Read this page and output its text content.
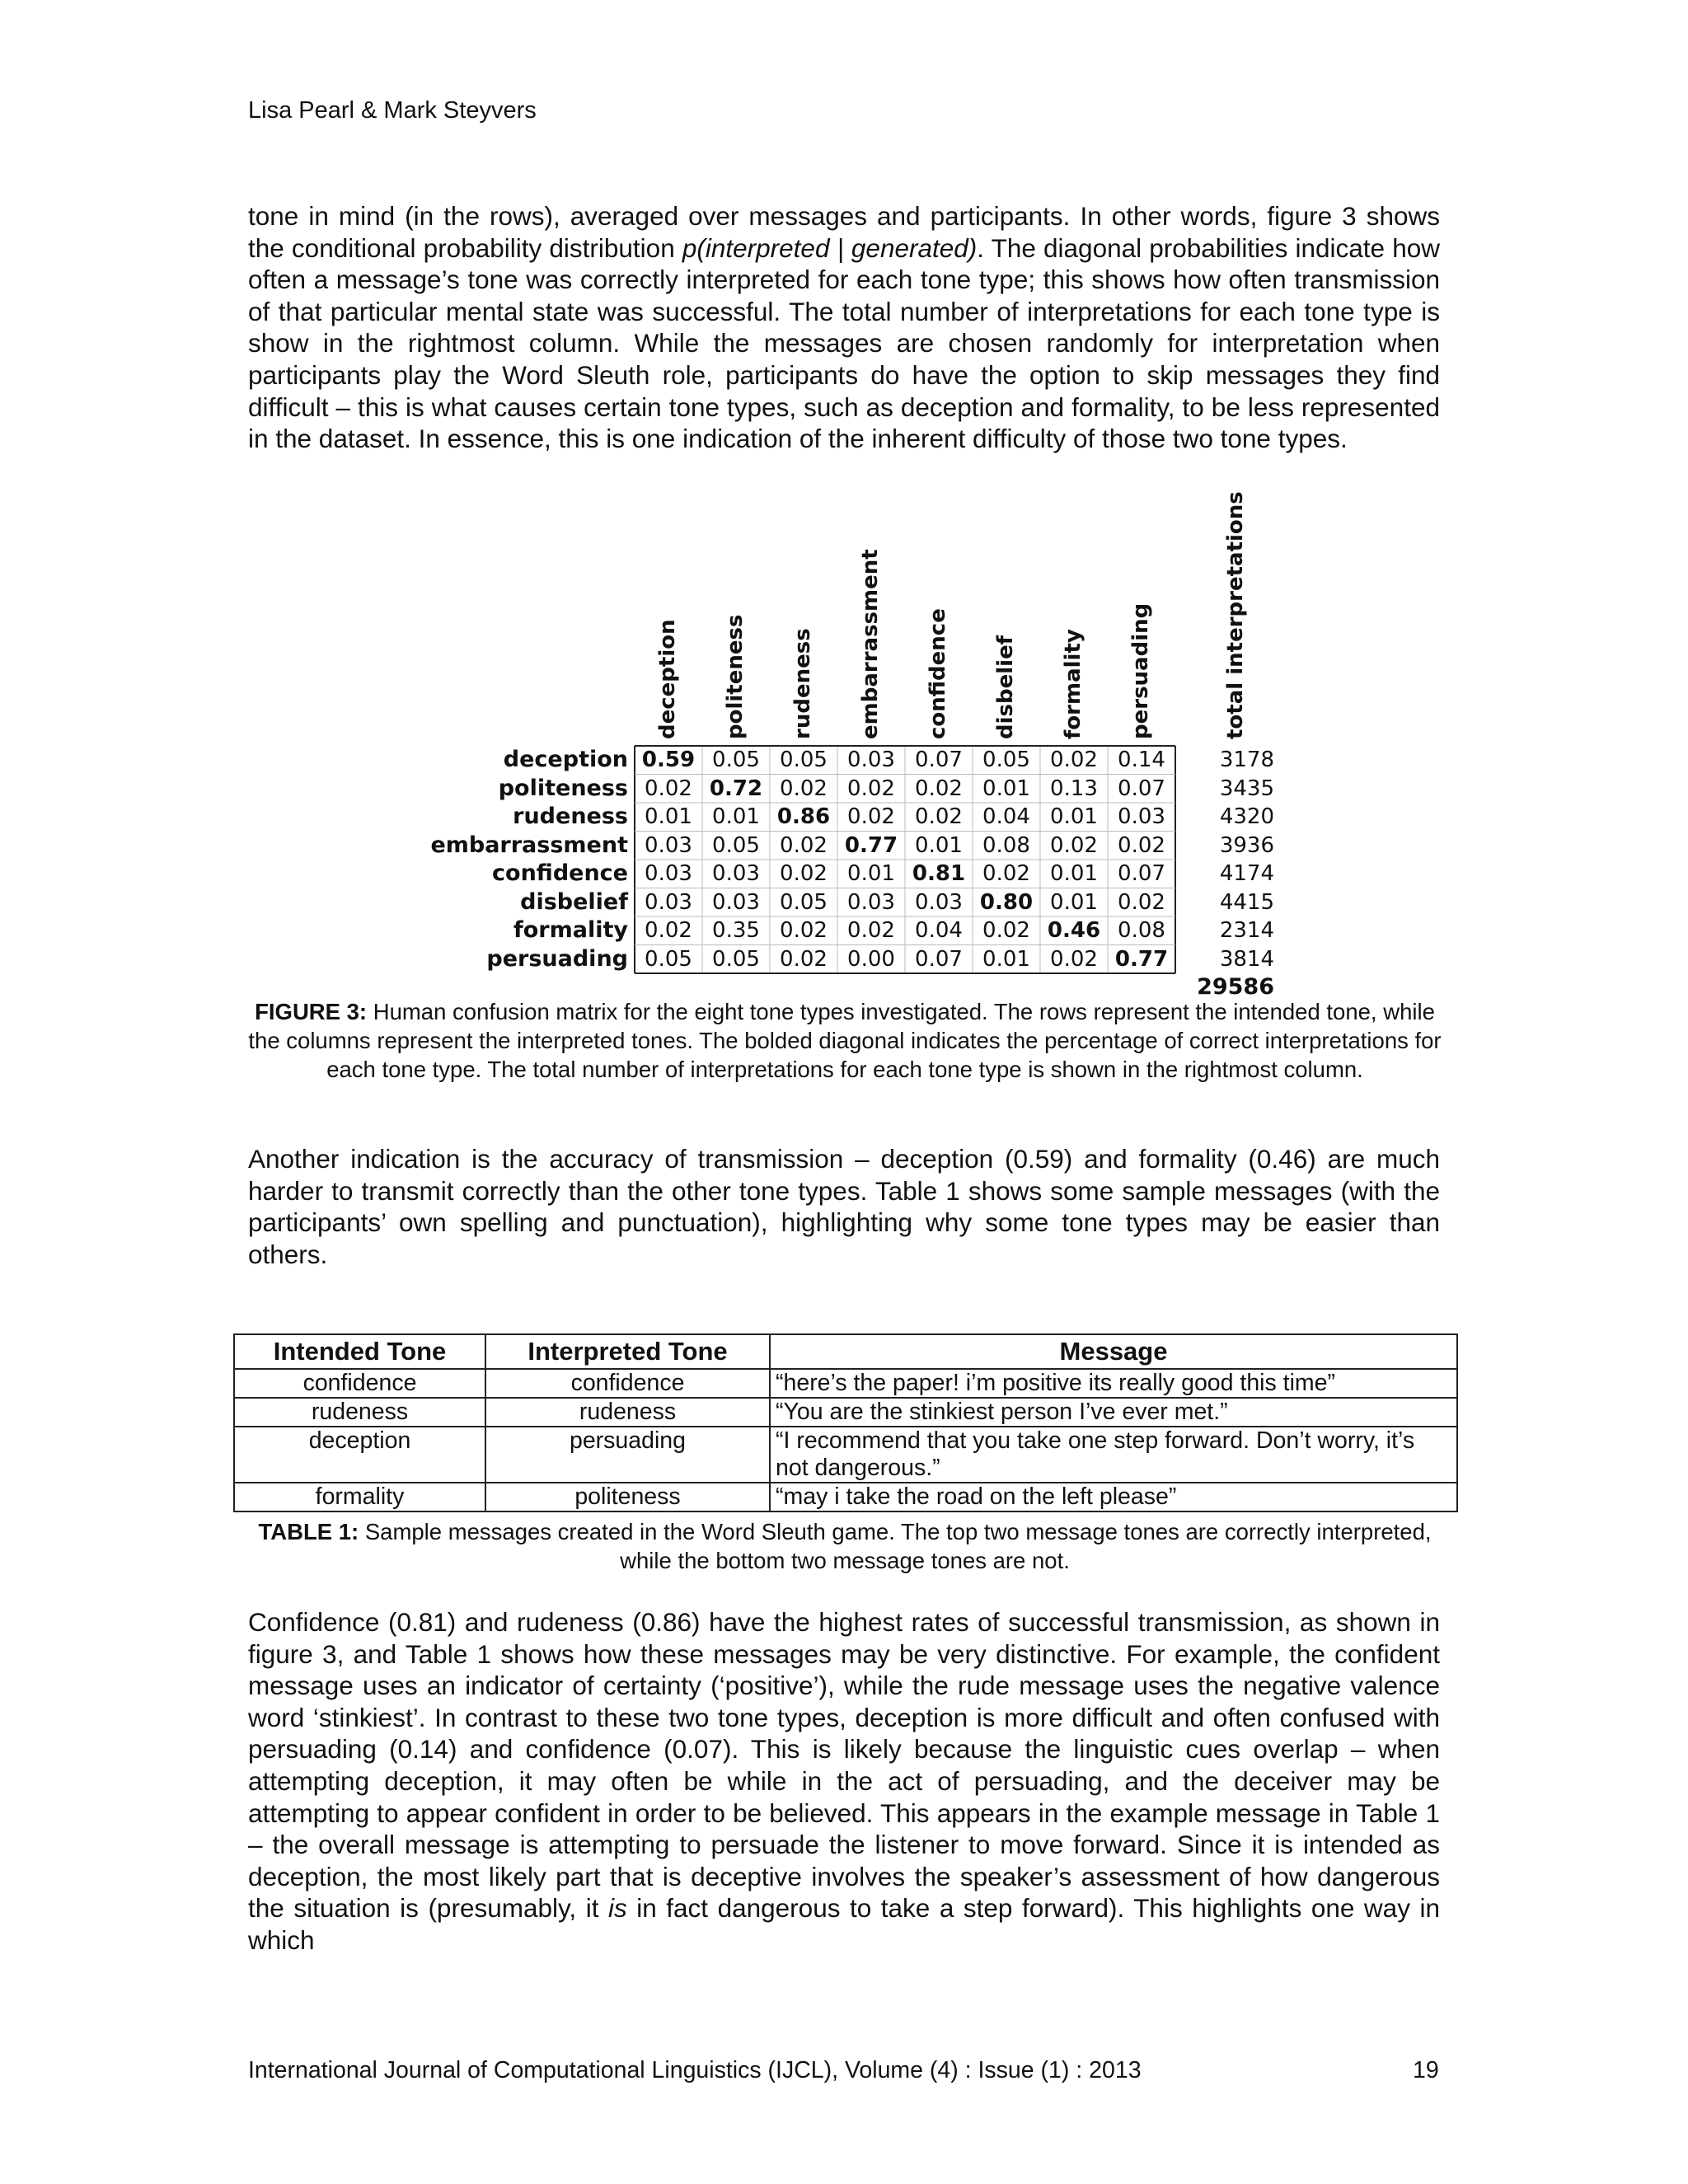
Lisa Pearl & Mark Steyvers
tone in mind (in the rows), averaged over messages and participants. In other words, figure 3 shows the conditional probability distribution p(interpreted | generated). The diagonal probabilities indicate how often a message’s tone was correctly interpreted for each tone type; this shows how often transmission of that particular mental state was successful. The total number of interpretations for each tone type is show in the rightmost column. While the messages are chosen randomly for interpretation when participants play the Word Sleuth role, participants do have the option to skip messages they find difficult – this is what causes certain tone types, such as deception and formality, to be less represented in the dataset. In essence, this is one indication of the inherent difficulty of those two tone types.
deception politeness rudeness embarrassment confidence disbelief formality persuading	total interpretations
deception 0.59 0.05 0.05 0.03 0.07 0.05 0.02 0.14	3178
politeness 0.02 0.72 0.02 0.02 0.02 0.01 0.13 0.07	3435
rudeness 0.01 0.01 0.86 0.02 0.02 0.04 0.01 0.03	4320
embarrassment 0.03 0.05 0.02 0.77 0.01 0.08 0.02 0.02	3936
confidence 0.03 0.03 0.02 0.01 0.81 0.02 0.01 0.07	4174
disbelief 0.03 0.03 0.05 0.03 0.03 0.80 0.01 0.02	4415
formality 0.02 0.35 0.02 0.02 0.04 0.02 0.46 0.08	2314
persuading 0.05 0.05 0.02 0.00 0.07 0.01 0.02 0.77	3814
29586
FIGURE 3: Human confusion matrix for the eight tone types investigated. The rows represent the intended tone, while the columns represent the interpreted tones. The bolded diagonal indicates the percentage of correct interpretations for each tone type. The total number of interpretations for each tone type is shown in the rightmost column.
Another indication is the accuracy of transmission – deception (0.59) and formality (0.46) are much harder to transmit correctly than the other tone types. Table 1 shows some sample messages (with the participants’ own spelling and punctuation), highlighting why some tone types may be easier than others.
Intended Tone	Interpreted Tone	Message
confidence	confidence	“here’s the paper! i’m positive its really good this time”
rudeness	rudeness	“You are the stinkiest person I’ve ever met.”
deception	persuading	“I recommend that you take one step forward. Don’t worry, it’s not dangerous.”
formality	politeness	“may i take the road on the left please”
TABLE 1: Sample messages created in the Word Sleuth game. The top two message tones are correctly interpreted, while the bottom two message tones are not.
Confidence (0.81) and rudeness (0.86) have the highest rates of successful transmission, as shown in figure 3, and Table 1 shows how these messages may be very distinctive. For example, the confident message uses an indicator of certainty (‘positive’), while the rude message uses the negative valence word ‘stinkiest’. In contrast to these two tone types, deception is more difficult and often confused with persuading (0.14) and confidence (0.07). This is likely because the linguistic cues overlap – when attempting deception, it may often be while in the act of persuading, and the deceiver may be attempting to appear confident in order to be believed. This appears in the example message in Table 1 – the overall message is attempting to persuade the listener to move forward. Since it is intended as deception, the most likely part that is deceptive involves the speaker’s assessment of how dangerous the situation is (presumably, it is in fact dangerous to take a step forward). This highlights one way in which
International Journal of Computational Linguistics (IJCL), Volume (4) : Issue (1) : 2013	19
